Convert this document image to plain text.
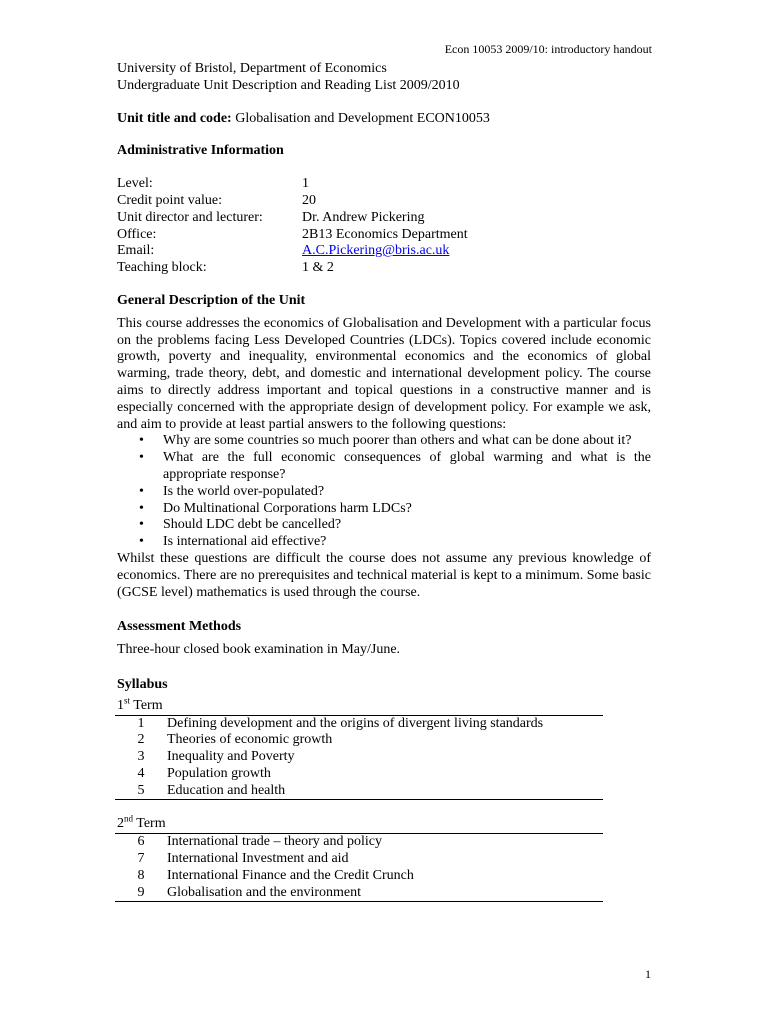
Econ 10053 2009/10: introductory handout

University of Bristol, Department of Economics

Undergraduate Unit Description and Reading List 2009/2010

Unit title and code: Globalisation and Development ECON10053

Administrative Information

Level:	1
Credit point value:	20
Unit director and lecturer:	Dr. Andrew Pickering
Office:	2B13 Economics Department
Email:	A.C.Pickering@bris.ac.uk
Teaching block:	1 & 2

General Description of the Unit

This course addresses the economics of Globalisation and Development with a particular focus on the problems facing Less Developed Countries (LDCs). Topics covered include economic growth, poverty and inequality, environmental economics and the economics of global warming, trade theory, debt, and domestic and international development policy. The course aims to directly address important and topical questions in a constructive manner and is especially concerned with the appropriate design of development policy. For example we ask, and aim to provide at least partial answers to the following questions:

• Why are some countries so much poorer than others and what can be done about it?
• What are the full economic consequences of global warming and what is the appropriate response?
• Is the world over-populated?
• Do Multinational Corporations harm LDCs?
• Should LDC debt be cancelled?
• Is international aid effective?

Whilst these questions are difficult the course does not assume any previous knowledge of economics. There are no prerequisites and technical material is kept to a minimum. Some basic (GCSE level) mathematics is used through the course.

Assessment Methods

Three-hour closed book examination in May/June.

Syllabus

1st Term

1	Defining development and the origins of divergent living standards
2	Theories of economic growth
3	Inequality and Poverty
4	Population growth
5	Education and health

2nd Term

6	International trade – theory and policy
7	International Investment and aid
8	International Finance and the Credit Crunch
9	Globalisation and the environment
1
